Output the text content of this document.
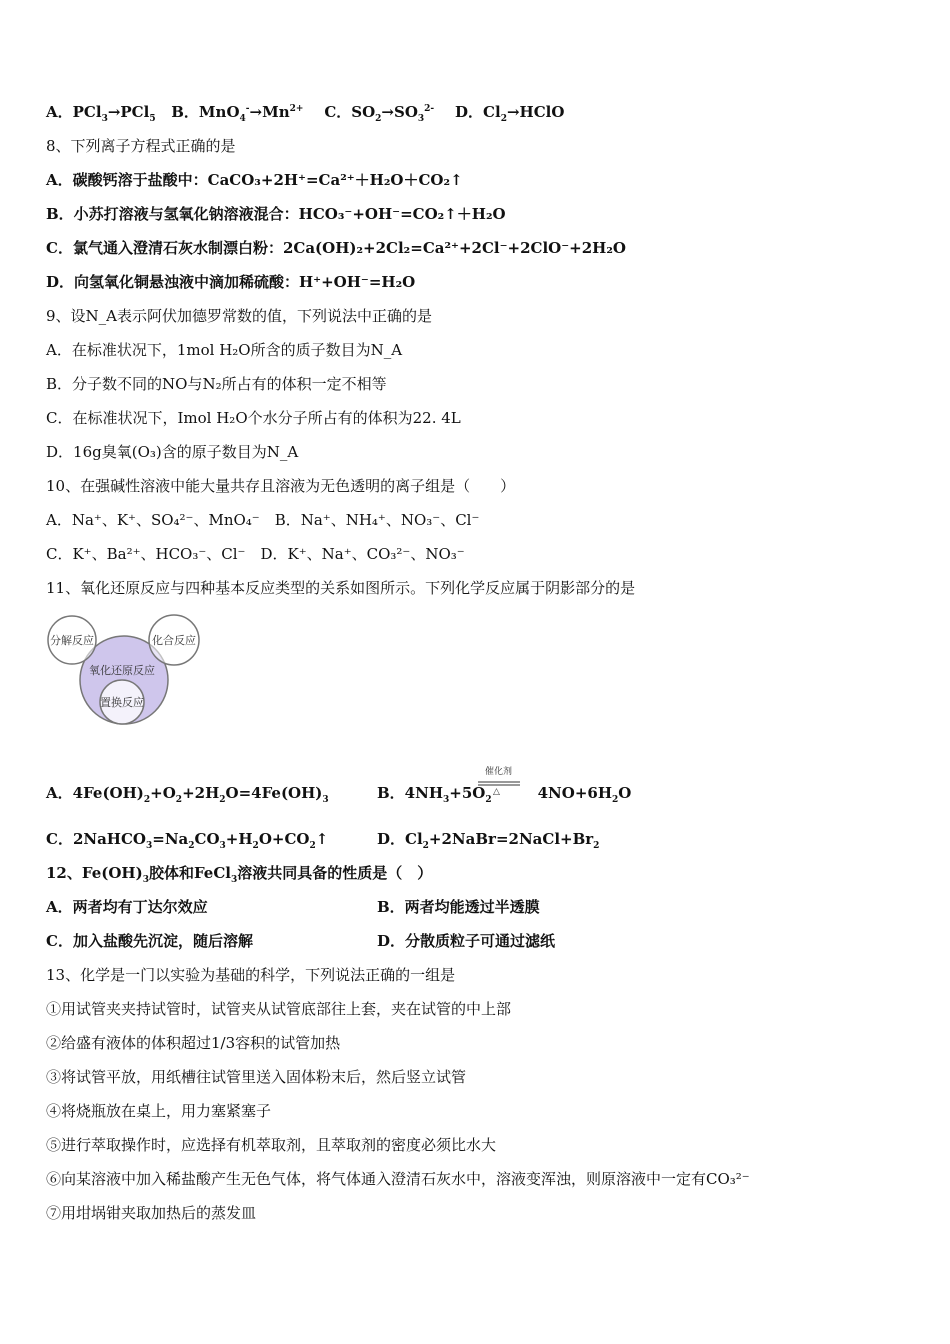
A．PCl$_3$→PCl$_5$ B．$MnO_4^-\to Mn^{2+}$ C．$SO_2\to SO_3^{2-}$ D．$Cl_2\to HClO$
8、下列离子方程式正确的是
A．碳酸钙溶于盐酸中：CaCO₃+2H⁺=Ca²⁺＋H₂O＋CO₂↑
B．小苏打溶液与氢氧化钠溶液混合：HCO₃⁻+OH⁻=CO₂↑＋H₂O
C．氯气通入澄清石灰水制漂白粉：2Ca(OH)₂+2Cl₂=Ca²⁺+2Cl⁻+2ClO⁻+2H₂O
D．向氢氧化铜悬浊液中滴加稀硫酸：H⁺+OH⁻=H₂O
9、设N_A表示阿伏加德罗常数的值，下列说法中正确的是
A．在标准状况下，1mol H₂O所含的质子数目为N_A
B．分子数不同的NO与N₂所占有的体积一定不相等
C．在标准状况下，Imol H₂O个水分子所占有的体积为22. 4L
D．16g臭氧(O₃)含的原子数目为N_A
10、在强碱性溶液中能大量共存且溶液为无色透明的离子组是（　　）
A．Na⁺、K⁺、SO₄²⁻、MnO₄⁻　B．Na⁺、NH₄⁺、NO₃⁻、Cl⁻
C．K⁺、Ba²⁺、HCO₃⁻、Cl⁻　D．K⁺、Na⁺、CO₃²⁻、NO₃⁻
11、氧化还原反应与四种基本反应类型的关系如图所示。下列化学反应属于阴影部分的是
分解反应	化合反应
氧化还原反应
置换反应
A．$4Fe(OH)_2+O_2+2H_2O=4Fe(OH)_3$	B．$4NH_3+5O_2$	$4NO+6H_2O$
催化剂
△
C．$2NaHCO_3=Na_2CO_3+H_2O+CO_2↑$	D．$Cl_2+2NaBr=2NaCl+Br_2$
12、$Fe(OH)_3$胶体和FeCl$_3$溶液共同具备的性质是（　）
A．两者均有丁达尔效应	B．两者均能透过半透膜
C．加入盐酸先沉淀，随后溶解	D．分散质粒子可通过滤纸
13、化学是一门以实验为基础的科学，下列说法正确的一组是
①用试管夹夹持试管时，试管夹从试管底部往上套，夹在试管的中上部
②给盛有液体的体积超过1/3容积的试管加热
③将试管平放，用纸槽往试管里送入固体粉末后，然后竖立试管
④将烧瓶放在桌上，用力塞紧塞子
⑤进行萃取操作时，应选择有机萃取剂，且萃取剂的密度必须比水大
⑥向某溶液中加入稀盐酸产生无色气体，将气体通入澄清石灰水中，溶液变浑浊，则原溶液中一定有CO₃²⁻
⑦用坩埚钳夹取加热后的蒸发皿
